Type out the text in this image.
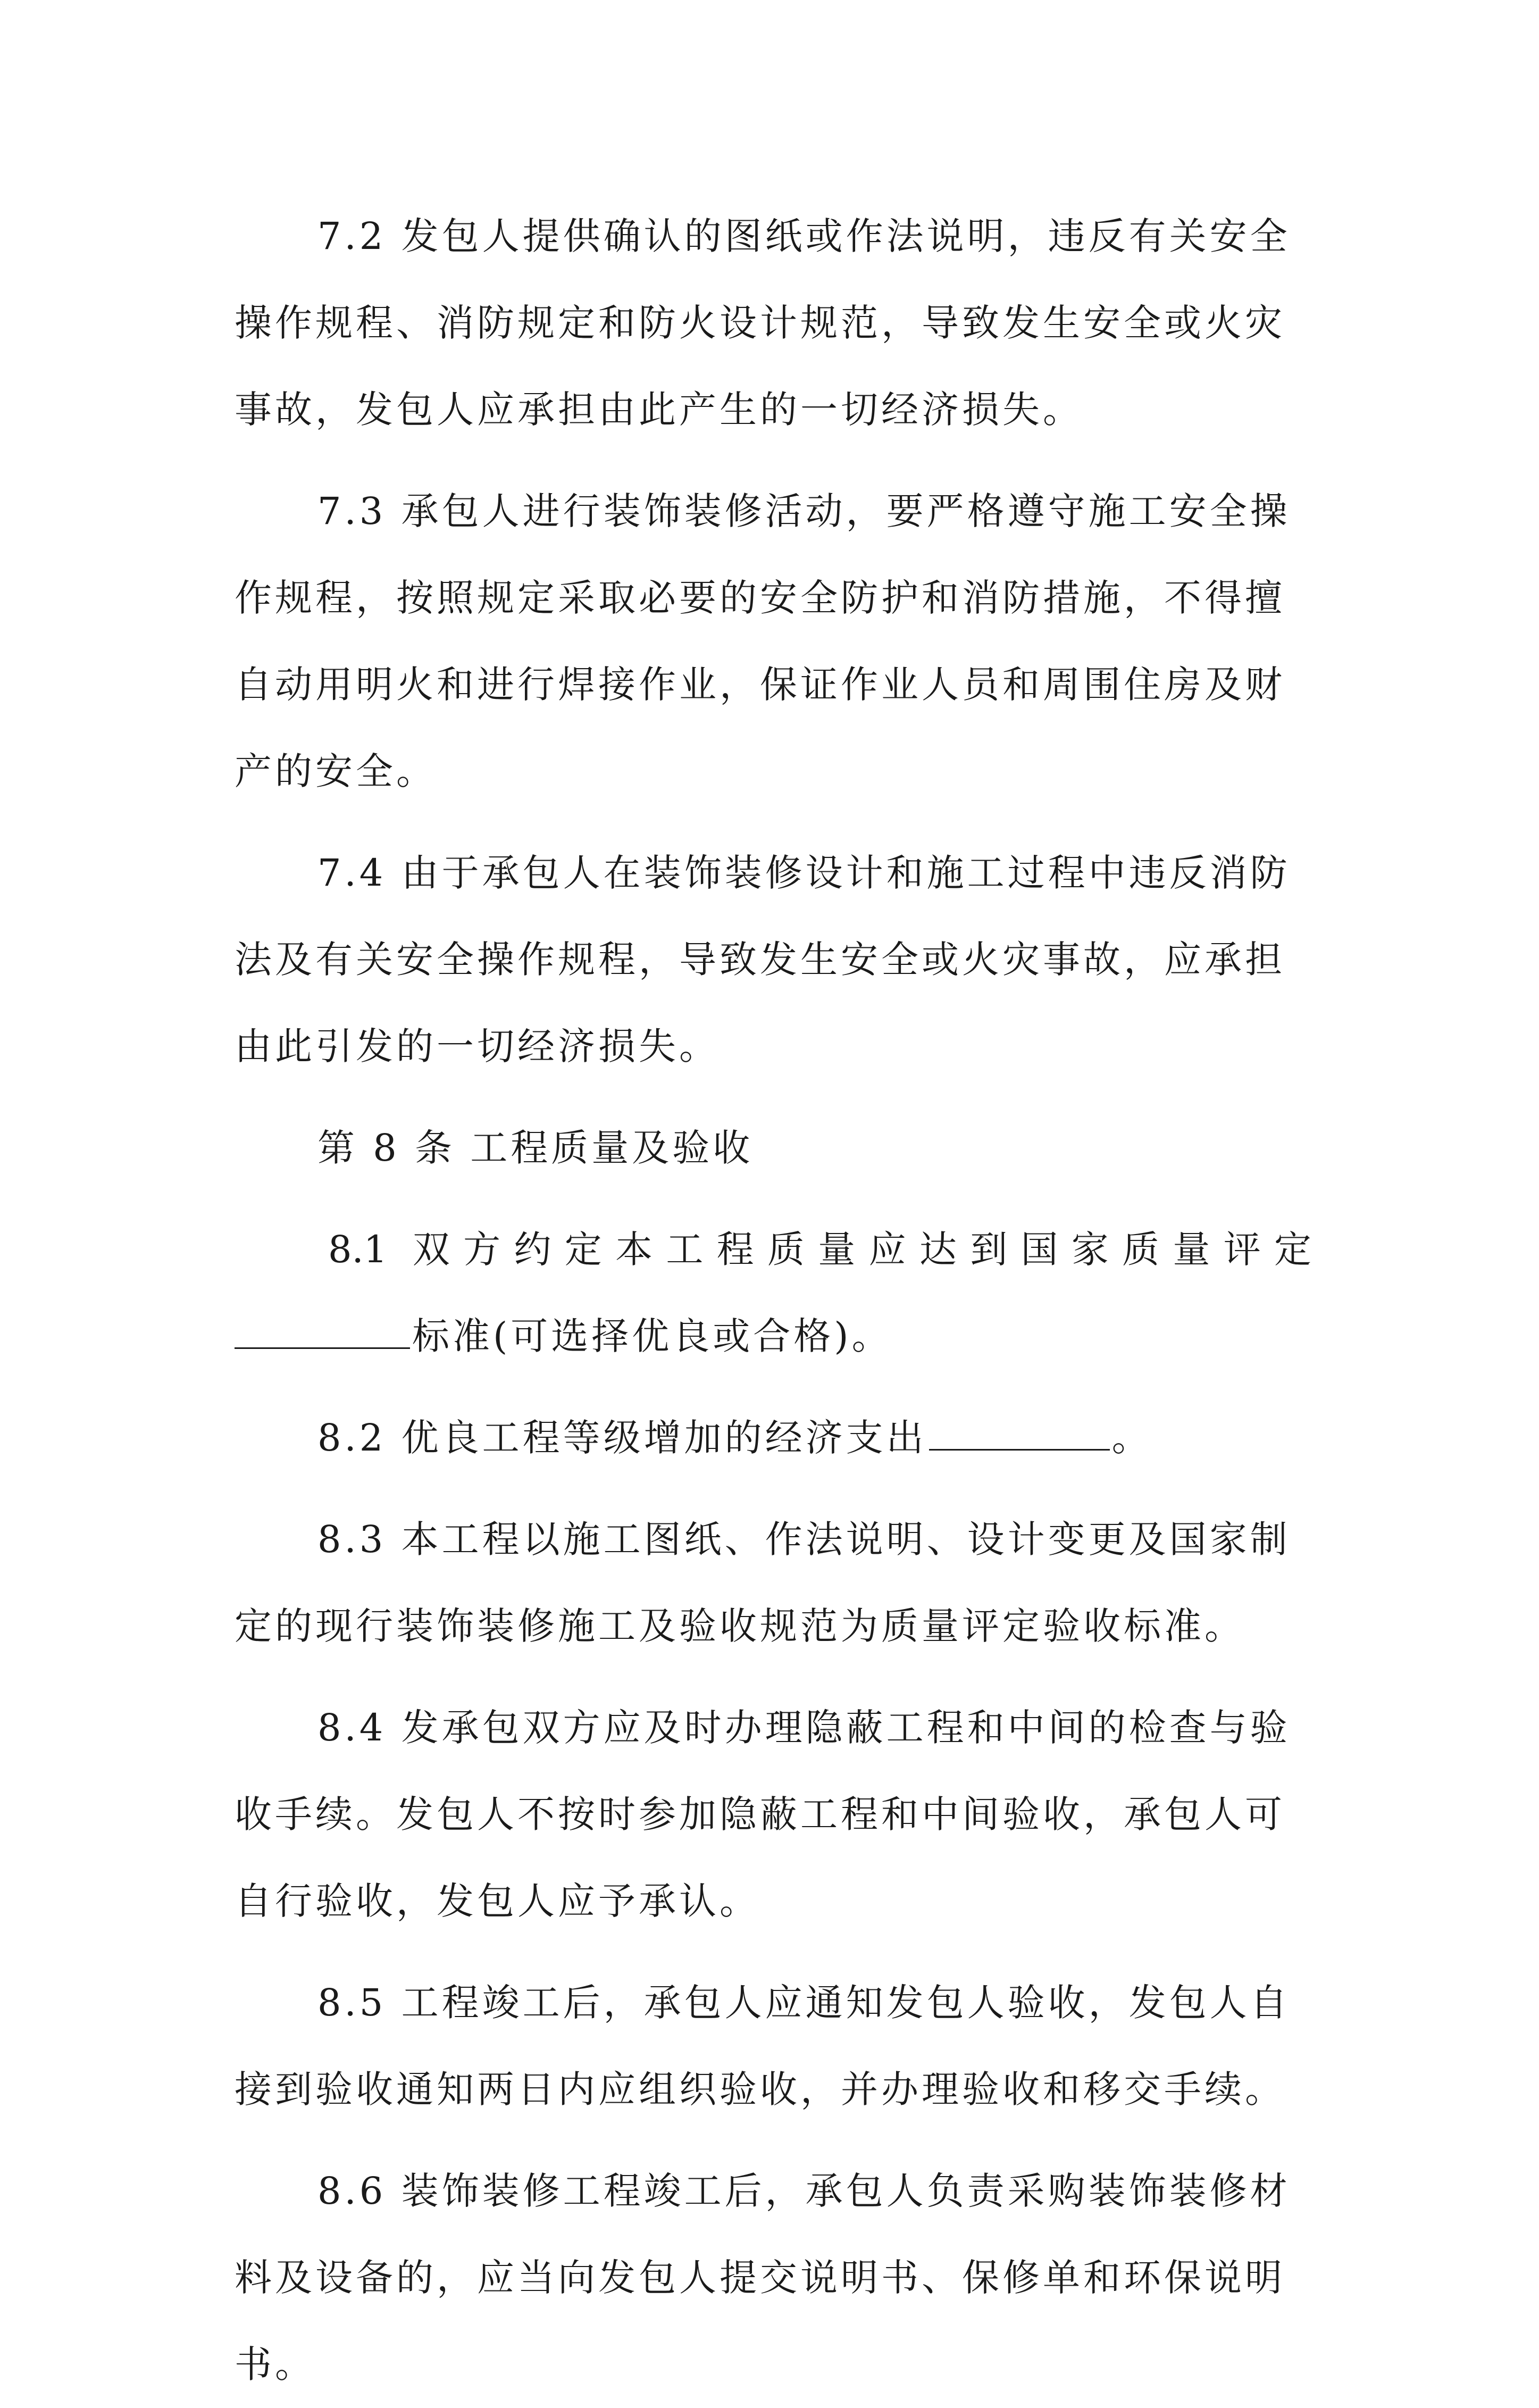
7.2 发包人提供确认的图纸或作法说明，违反有关安全操作规程、消防规定和防火设计规范，导致发生安全或火灾事故，发包人应承担由此产生的一切经济损失。

7.3 承包人进行装饰装修活动，要严格遵守施工安全操作规程，按照规定采取必要的安全防护和消防措施，不得擅自动用明火和进行焊接作业，保证作业人员和周围住房及财产的安全。

7.4 由于承包人在装饰装修设计和施工过程中违反消防法及有关安全操作规程，导致发生安全或火灾事故，应承担由此引发的一切经济损失。

第 8 条 工程质量及验收

8.1 双方约定本工程质量应达到国家质量评定

标准(可选择优良或合格)。

8.2 优良工程等级增加的经济支出	。

8.3 本工程以施工图纸、作法说明、设计变更及国家制定的现行装饰装修施工及验收规范为质量评定验收标准。

8.4 发承包双方应及时办理隐蔽工程和中间的检查与验收手续。发包人不按时参加隐蔽工程和中间验收，承包人可自行验收，发包人应予承认。

8.5 工程竣工后，承包人应通知发包人验收，发包人自接到验收通知两日内应组织验收，并办理验收和移交手续。

8.6 装饰装修工程竣工后，承包人负责采购装饰装修材料及设备的，应当向发包人提交说明书、保修单和环保说明书。
